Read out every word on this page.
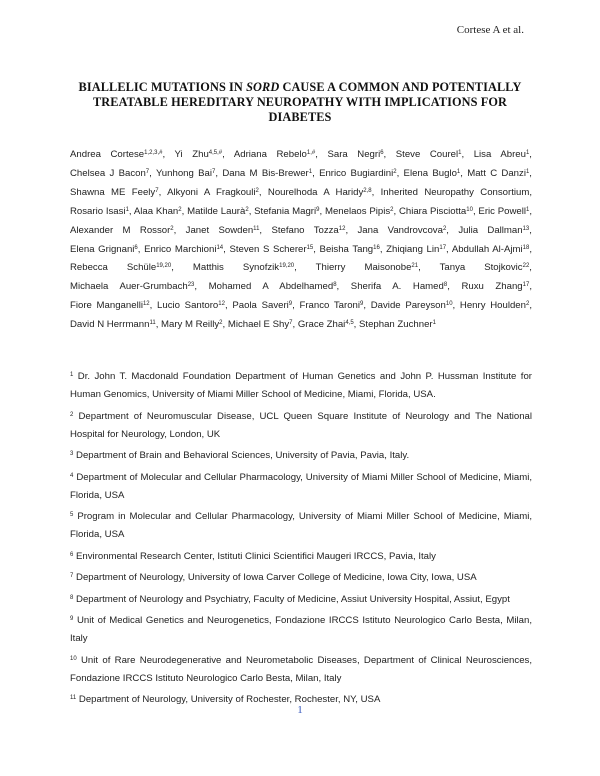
Cortese A et al.
BIALLELIC MUTATIONS IN SORD CAUSE A COMMON AND POTENTIALLY TREATABLE HEREDITARY NEUROPATHY WITH IMPLICATIONS FOR DIABETES
Andrea Cortese$^{1,2,3,\#}$, Yi Zhu$^{4,5,\#}$, Adriana Rebelo$^{1,\#}$, Sara Negri$^6$, Steve Courel$^1$, Lisa Abreu$^1$, Chelsea J Bacon$^7$, Yunhong Bai$^7$, Dana M Bis-Brewer$^1$, Enrico Bugiardini$^2$, Elena Buglo$^1$, Matt C Danzi$^1$, Shawna ME Feely$^7$, Alkyoni A Fragkouli$^2$, Nourelhoda A Haridy$^{2,8}$, Inherited Neuropathy Consortium, Rosario Isasi$^1$, Alaa Khan$^2$, Matilde Laurà$^2$, Stefania Magri$^9$, Menelaos Pipis$^2$, Chiara Pisciotta$^{10}$, Eric Powell$^1$, Alexander M Rossor$^2$, Janet Sowden$^{11}$, Stefano Tozza$^{12}$, Jana Vandrovcova$^2$, Julia Dallman$^{13}$, Elena Grignani$^6$, Enrico Marchioni$^{14}$, Steven S Scherer$^{15}$, Beisha Tang$^{16}$, Zhiqiang Lin$^{17}$, Abdullah Al-Ajmi$^{18}$, Rebecca Schüle$^{19,20}$, Matthis Synofzik$^{19,20}$, Thierry Maisonobe$^{21}$, Tanya Stojkovic$^{22}$, Michaela Auer-Grumbach$^{23}$, Mohamed A Abdelhamed$^8$, Sherifa A. Hamed$^8$, Ruxu Zhang$^{17}$, Fiore Manganelli$^{12}$, Lucio Santoro$^{12}$, Paola Saveri$^9$, Franco Taroni$^9$, Davide Pareyson$^{10}$, Henry Houlden$^2$, David N Herrmann$^{11}$, Mary M Reilly$^2$, Michael E Shy$^7$, Grace Zhai$^{4,5}$, Stephan Zuchner$^1$
$^1$ Dr. John T. Macdonald Foundation Department of Human Genetics and John P. Hussman Institute for Human Genomics, University of Miami Miller School of Medicine, Miami, Florida, USA.
$^2$ Department of Neuromuscular Disease, UCL Queen Square Institute of Neurology and The National Hospital for Neurology, London, UK
$^3$ Department of Brain and Behavioral Sciences, University of Pavia, Pavia, Italy.
$^4$ Department of Molecular and Cellular Pharmacology, University of Miami Miller School of Medicine, Miami, Florida, USA
$^5$ Program in Molecular and Cellular Pharmacology, University of Miami Miller School of Medicine, Miami, Florida, USA
$^6$ Environmental Research Center, Istituti Clinici Scientifici Maugeri IRCCS, Pavia, Italy
$^7$ Department of Neurology, University of Iowa Carver College of Medicine, Iowa City, Iowa, USA
$^8$ Department of Neurology and Psychiatry, Faculty of Medicine, Assiut University Hospital, Assiut, Egypt
$^9$ Unit of Medical Genetics and Neurogenetics, Fondazione IRCCS Istituto Neurologico Carlo Besta, Milan, Italy
$^{10}$ Unit of Rare Neurodegenerative and Neurometabolic Diseases, Department of Clinical Neurosciences, Fondazione IRCCS Istituto Neurologico Carlo Besta, Milan, Italy
$^{11}$ Department of Neurology, University of Rochester, Rochester, NY, USA
1
